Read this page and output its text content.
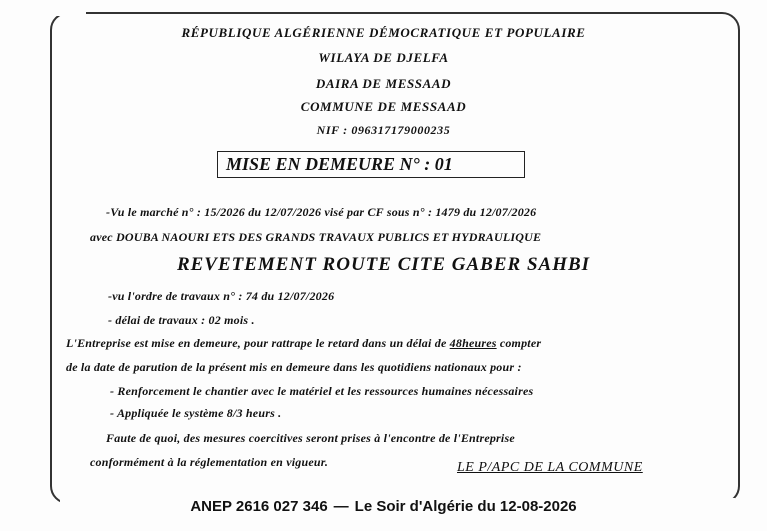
RÉPUBLIQUE ALGÉRIENNE DÉMOCRATIQUE ET POPULAIRE
WILAYA DE DJELFA
DAIRA DE MESSAAD
COMMUNE DE MESSAAD
NIF : 096317179000235
MISE EN DEMEURE N° : 01
-Vu le marché n° : 15/2026 du 12/07/2026 visé par CF sous n° : 1479 du 12/07/2026
avec DOUBA NAOURI ETS DES GRANDS TRAVAUX PUBLICS ET HYDRAULIQUE
REVETEMENT ROUTE CITE GABER SAHBI
-vu l'ordre de travaux n° : 74 du 12/07/2026
- délai de travaux : 02 mois .
L'Entreprise est mise en demeure, pour rattrape le retard dans un délai de 48heures compter
de la date de parution de la présent mis en demeure dans les quotidiens nationaux pour :
- Renforcement le chantier avec le matériel et les ressources humaines nécessaires
- Appliquée le système 8/3 heurs .
Faute de quoi, des mesures coercitives seront prises à l'encontre de l'Entreprise
conformément à la réglementation en vigueur.	LE P/APC DE LA COMMUNE
ANEP 2616 027 346 — Le Soir d'Algérie du 12-08-2026
